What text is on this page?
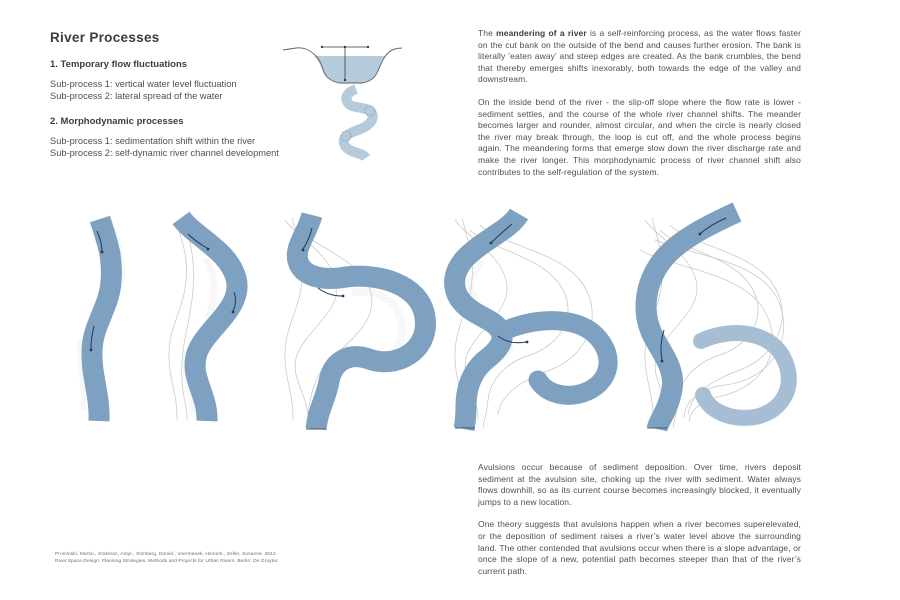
River Processes
1. Temporary flow fluctuations
Sub-process 1: vertical water level fluctuation
Sub-process 2: lateral spread of the water
2. Morphodynamic processes
Sub-process 1: sedimentation shift within the river
Sub-process 2: self-dynamic river channel development

The meandering of a river is a self-reinforcing process, as the water flows faster on the cut bank on the outside of the bend and causes further erosion. The bank is literally ‘eaten away’ and steep edges are created. As the bank crumbles, the bend that thereby emerges shifts inexorably, both towards the edge of the valley and downstream.

On the inside bend of the river - the slip-off slope where the flow rate is lower - sediment settles, and the course of the whole river channel shifts. The meander becomes larger and rounder, almost circular, and when the circle is nearly closed the river may break through, the loop is cut off, and the whole process begins again. The meandering forms that emerge slow down the river discharge rate and make the river longer. This morphodynamic process of river channel shift also contributes to the self-regulation of the system.

Avulsions occur because of sediment deposition. Over time, rivers deposit sediment at the avulsion site, choking up the river with sediment. Water always flows downhill, so as its current course becomes increasingly blocked, it eventually jumps to a new location.

One theory suggests that avulsions happen when a river becomes superelevated, or the deposition of sediment raises a river’s water level above the surrounding land. The other contended that avulsions occur when there is a slope advantage, or once the slope of a new, potential path becomes steeper than that of the river’s current path.

Prominski, Martin., Stokman, Antje., Stimberg, Daniel., Voermanek, Hinnerk., Zeller, Susanne. 2012.
River.Space.Design: Planning Strategies, Methods and Projects for Urban Rivers. Berlin: De Gruyter.
